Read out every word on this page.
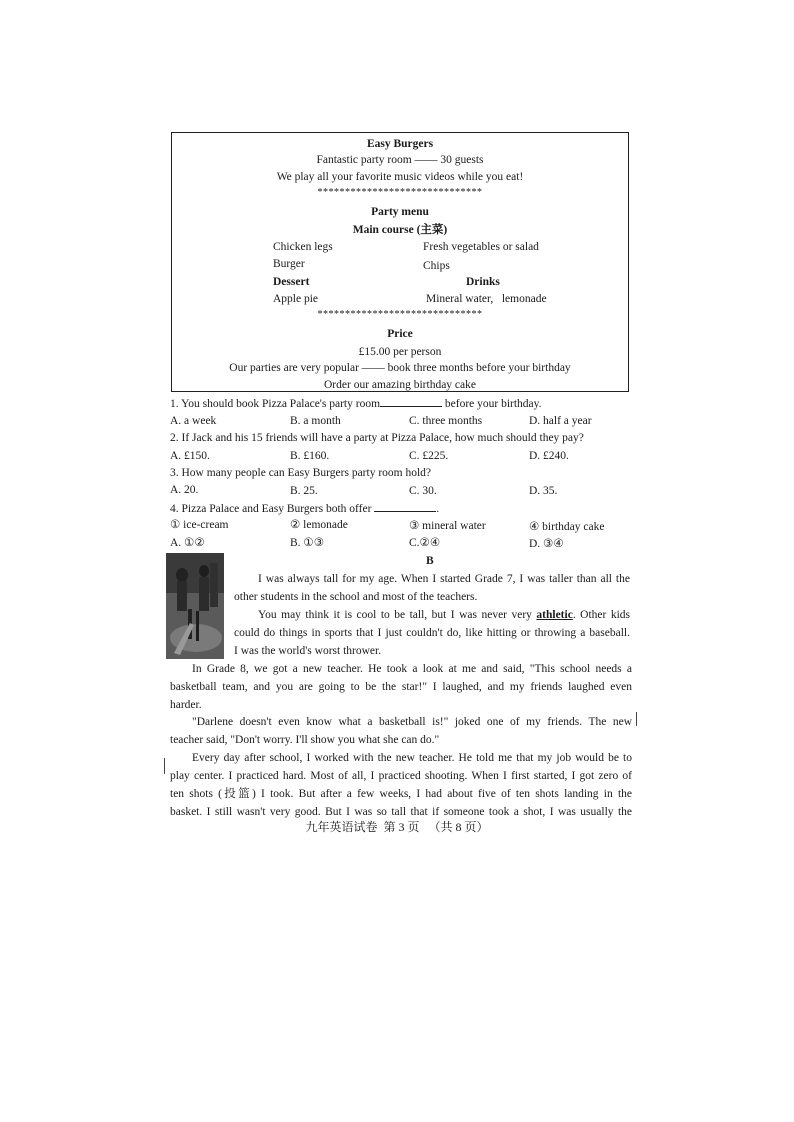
Easy Burgers
Fantastic party room —— 30 guests
We play all your favorite music videos while you eat!
******************************
Party menu
Main course (主菜)
Chicken legs	Fresh vegetables or salad
Burger	Chips
Dessert	Drinks
Apple pie	Mineral water,   lemonade
******************************
Price
£15.00 per person
Our parties are very popular —— book three months before your birthday
Order our amazing birthday cake
1. You should book Pizza Palace's party room	before your birthday.
A. a week	B. a month	C. three months	D. half a year
2. If Jack and his 15 friends will have a party at Pizza Palace, how much should they pay?
A. £150.	B. £160.	C. £225.	D. £240.
3. How many people can Easy Burgers party room hold?
A. 20.	B. 25.	C. 30.	D. 35.
4. Pizza Palace and Easy Burgers both offer	.
① ice-cream	② lemonade	③ mineral water	④ birthday cake
A. ①②	B. ①③	C.②④	D. ③④
B
I was always tall for my age. When I started Grade 7, I was taller than all the
other students in the school and most of the teachers.
You may think it is cool to be tall, but I was never very athletic. Other kids
could do things in sports that I just couldn't do, like hitting or throwing a baseball.
I was the world's worst thrower.
In Grade 8, we got a new teacher. He took a look at me and said, "This school needs a
basketball team, and you are going to be the star!" I laughed, and my friends laughed even
harder.
"Darlene doesn't even know what a basketball is!" joked one of my friends. The new
teacher said, "Don't worry. I'll show you what she can do."
Every day after school, I worked with the new teacher. He told me that my job would be to
play center. I practiced hard. Most of all, I practiced shooting. When I first started, I got zero of
ten shots (投篮) I took. But after a few weeks, I had about five of ten shots landing in the
basket. I still wasn't very good. But I was so tall that if someone took a shot, I was usually the
九年英语试卷  第 3 页   （共 8 页）
